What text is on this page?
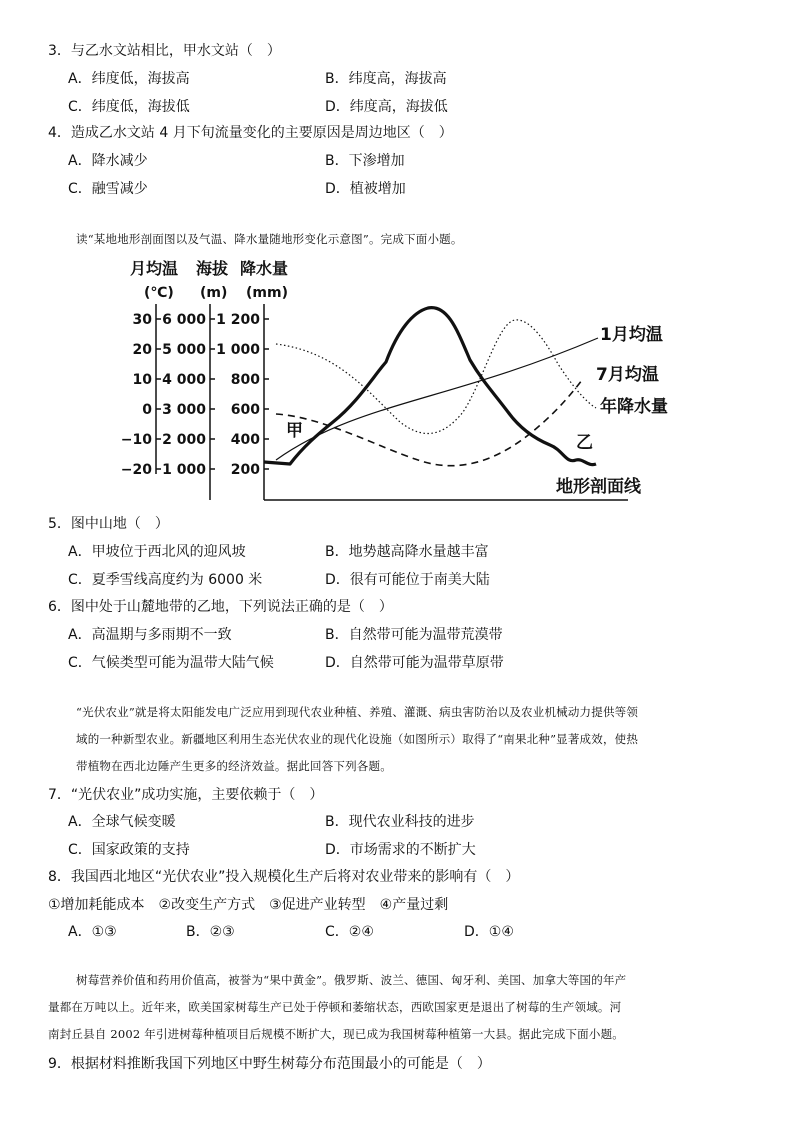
3．与乙水文站相比，甲水文站（　）
A．纬度低，海拔高	B．纬度高，海拔高
C．纬度低，海拔低	D．纬度高，海拔低
4．造成乙水文站 4 月下旬流量变化的主要原因是周边地区（　）
A．降水减少	B．下渗增加
C．融雪减少	D．植被增加
读“某地地形剖面图以及气温、降水量随地形变化示意图”。完成下面小题。
月均温 海拔 降水量
(℃) (m) (mm)
30 6 000 1 200
20 5 000 1 000
10 4 000 800
0 3 000 600
−10 2 000 400
−20 1 000 200
1月均温
7月均温
年降水量
地形剖面线
甲
乙
5．图中山地（　）
A．甲坡位于西北风的迎风坡	B．地势越高降水量越丰富
C．夏季雪线高度约为 6000 米	D．很有可能位于南美大陆
6．图中处于山麓地带的乙地，下列说法正确的是（　）
A．高温期与多雨期不一致	B．自然带可能为温带荒漠带
C．气候类型可能为温带大陆气候	D．自然带可能为温带草原带
“光伏农业”就是将太阳能发电广泛应用到现代农业种植、养殖、灌溉、病虫害防治以及农业机械动力提供等领
域的一种新型农业。新疆地区利用生态光伏农业的现代化设施（如图所示）取得了“南果北种”显著成效，使热
带植物在西北边陲产生更多的经济效益。据此回答下列各题。
7．“光伏农业”成功实施，主要依赖于（　）
A．全球气候变暖	B．现代农业科技的进步
C．国家政策的支持	D．市场需求的不断扩大
8．我国西北地区“光伏农业”投入规模化生产后将对农业带来的影响有（　）
①增加耗能成本　②改变生产方式　③促进产业转型　④产量过剩
A．①③	B．②③	C．②④	D．①④
树莓营养价值和药用价值高，被誉为“果中黄金”。俄罗斯、波兰、德国、匈牙利、美国、加拿大等国的年产
量都在万吨以上。近年来，欧美国家树莓生产已处于停顿和萎缩状态，西欧国家更是退出了树莓的生产领域。河
南封丘县自 2002 年引进树莓种植项目后规模不断扩大，现已成为我国树莓种植第一大县。据此完成下面小题。
9．根据材料推断我国下列地区中野生树莓分布范围最小的可能是（　）
